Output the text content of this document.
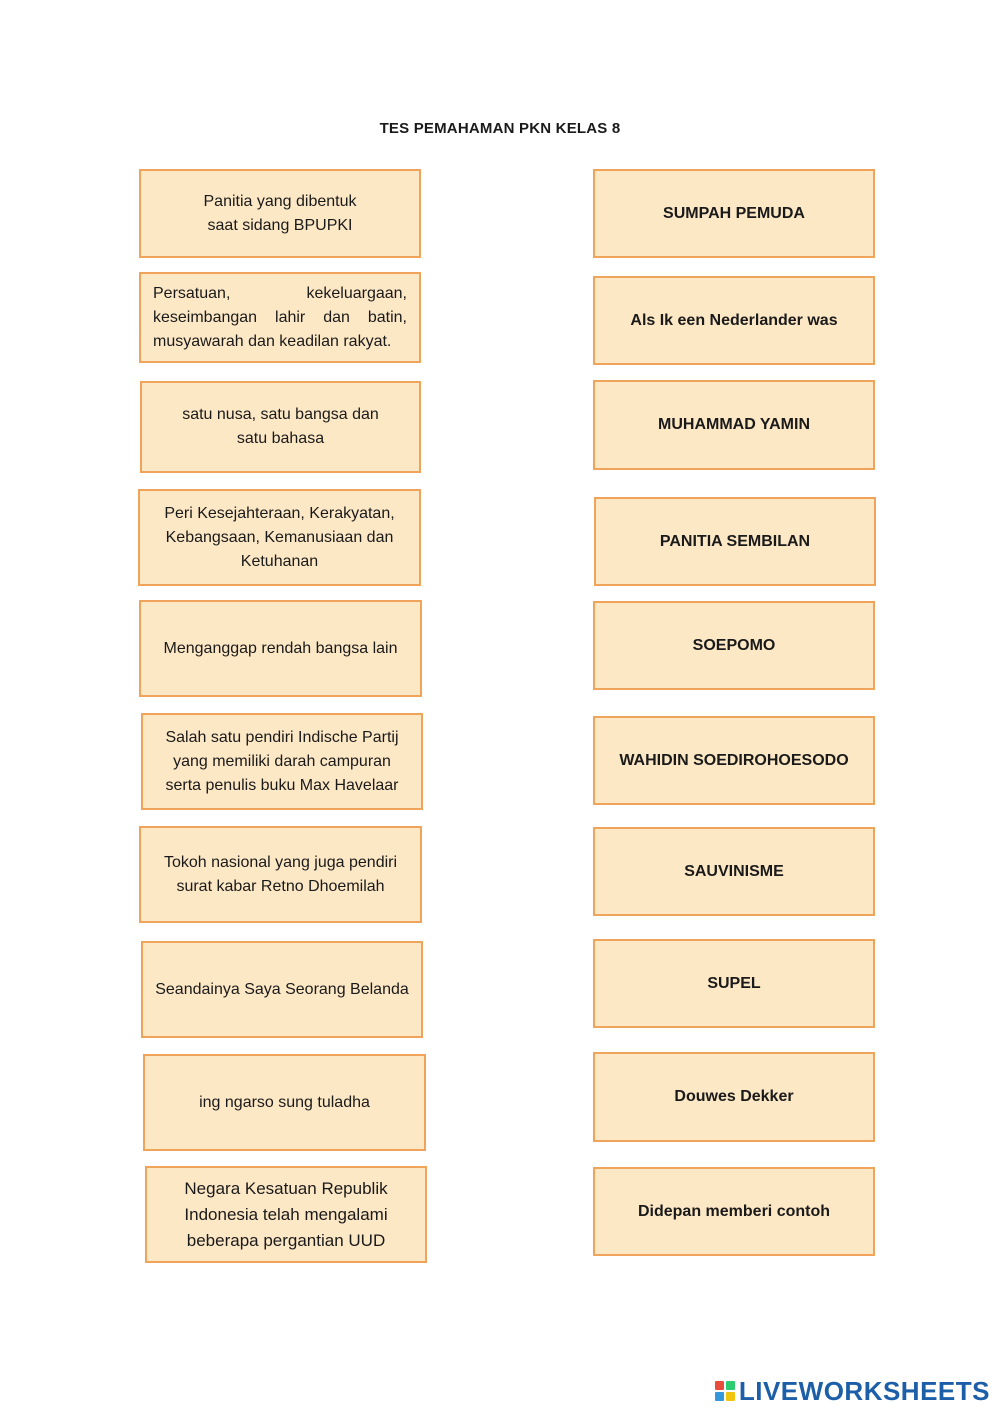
TES PEMAHAMAN PKN KELAS 8
Panitia yang dibentuk
saat sidang BPUPKI
Persatuan, kekeluargaan, keseimbangan lahir dan batin, musyawarah dan keadilan rakyat.
satu nusa, satu bangsa dan
satu bahasa
Peri Kesejahteraan, Kerakyatan,
Kebangsaan, Kemanusiaan dan
Ketuhanan
Menganggap rendah bangsa lain
Salah satu pendiri Indische Partij
yang memiliki darah campuran
serta penulis buku Max Havelaar
Tokoh nasional yang juga pendiri
surat kabar Retno Dhoemilah
Seandainya Saya Seorang Belanda
ing ngarso sung tuladha
Negara Kesatuan Republik
Indonesia telah mengalami
beberapa pergantian UUD
SUMPAH PEMUDA
Als Ik een Nederlander was
MUHAMMAD YAMIN
PANITIA SEMBILAN
SOEPOMO
WAHIDIN SOEDIROHOESODO
SAUVINISME
SUPEL
Douwes Dekker
Didepan memberi contoh
LIVEWORKSHEETS
